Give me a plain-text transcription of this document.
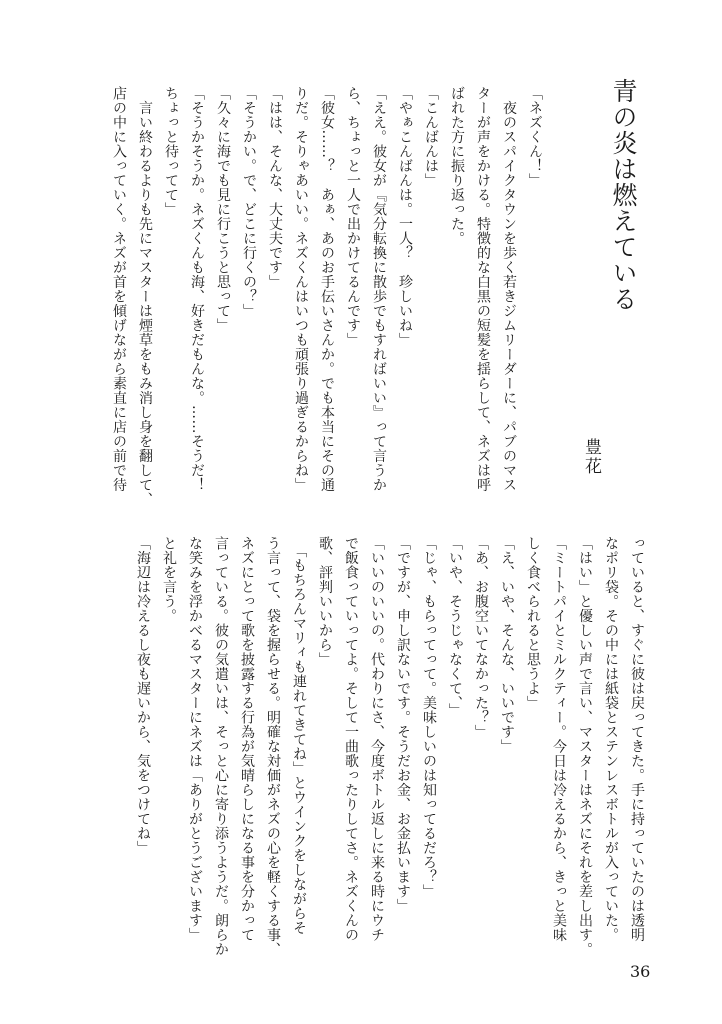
青の炎は燃えている
豊花
「ネズくん！」
　夜のスパイクタウンを歩く若きジムリーダーに、パブのマス
ターが声をかける。特徴的な白黒の短髪を揺らして、ネズは呼
ばれた方に振り返った。
「こんばんは」
「やぁこんばんは。一人？　珍しいね」
「ええ。彼女が『気分転換に散歩でもすればいい』って言うか
ら、ちょっと一人で出かけてるんです」
「彼女……？　あぁ、あのお手伝いさんか。でも本当にその通
りだ。そりゃあいい。ネズくんはいつも頑張り過ぎるからね」
「はは、そんな、大丈夫です」
「そうかい。で、どこに行くの？」
「久々に海でも見に行こうと思って」
「そうかそうか。ネズくんも海、好きだもんな。……そうだ！
ちょっと待ってて」
　言い終わるよりも先にマスターは煙草をもみ消し身を翻して、
店の中に入っていく。ネズが首を傾げながら素直に店の前で待
っていると、すぐに彼は戻ってきた。手に持っていたのは透明
なポリ袋。その中には紙袋とステンレスボトルが入っていた。
「はい」と優しい声で言い、マスターはネズにそれを差し出す。
「ミートパイとミルクティー。今日は冷えるから、きっと美味
しく食べられると思うよ」
「え、いや、そんな、いいです」
「あ、お腹空いてなかった？」
「いや、そうじゃなくて、」
「じゃ、もらってって。美味しいのは知ってるだろ？」
「ですが、申し訳ないです。そうだお金、お金払います」
「いいのいいの。代わりにさ、今度ボトル返しに来る時にウチ
で飯食っていってよ。そして一曲歌ったりしてさ。ネズくんの
歌、評判いいから」
　「もちろんマリィも連れてきてね」とウインクをしながらそ
う言って、袋を握らせる。明確な対価がネズの心を軽くする事、
ネズにとって歌を披露する行為が気晴らしになる事を分かって
言っている。彼の気遣いは、そっと心に寄り添うようだ。朗らか
な笑みを浮かべるマスターにネズは「ありがとうございます」
と礼を言う。
「海辺は冷えるし夜も遅いから、気をつけてね」
36
